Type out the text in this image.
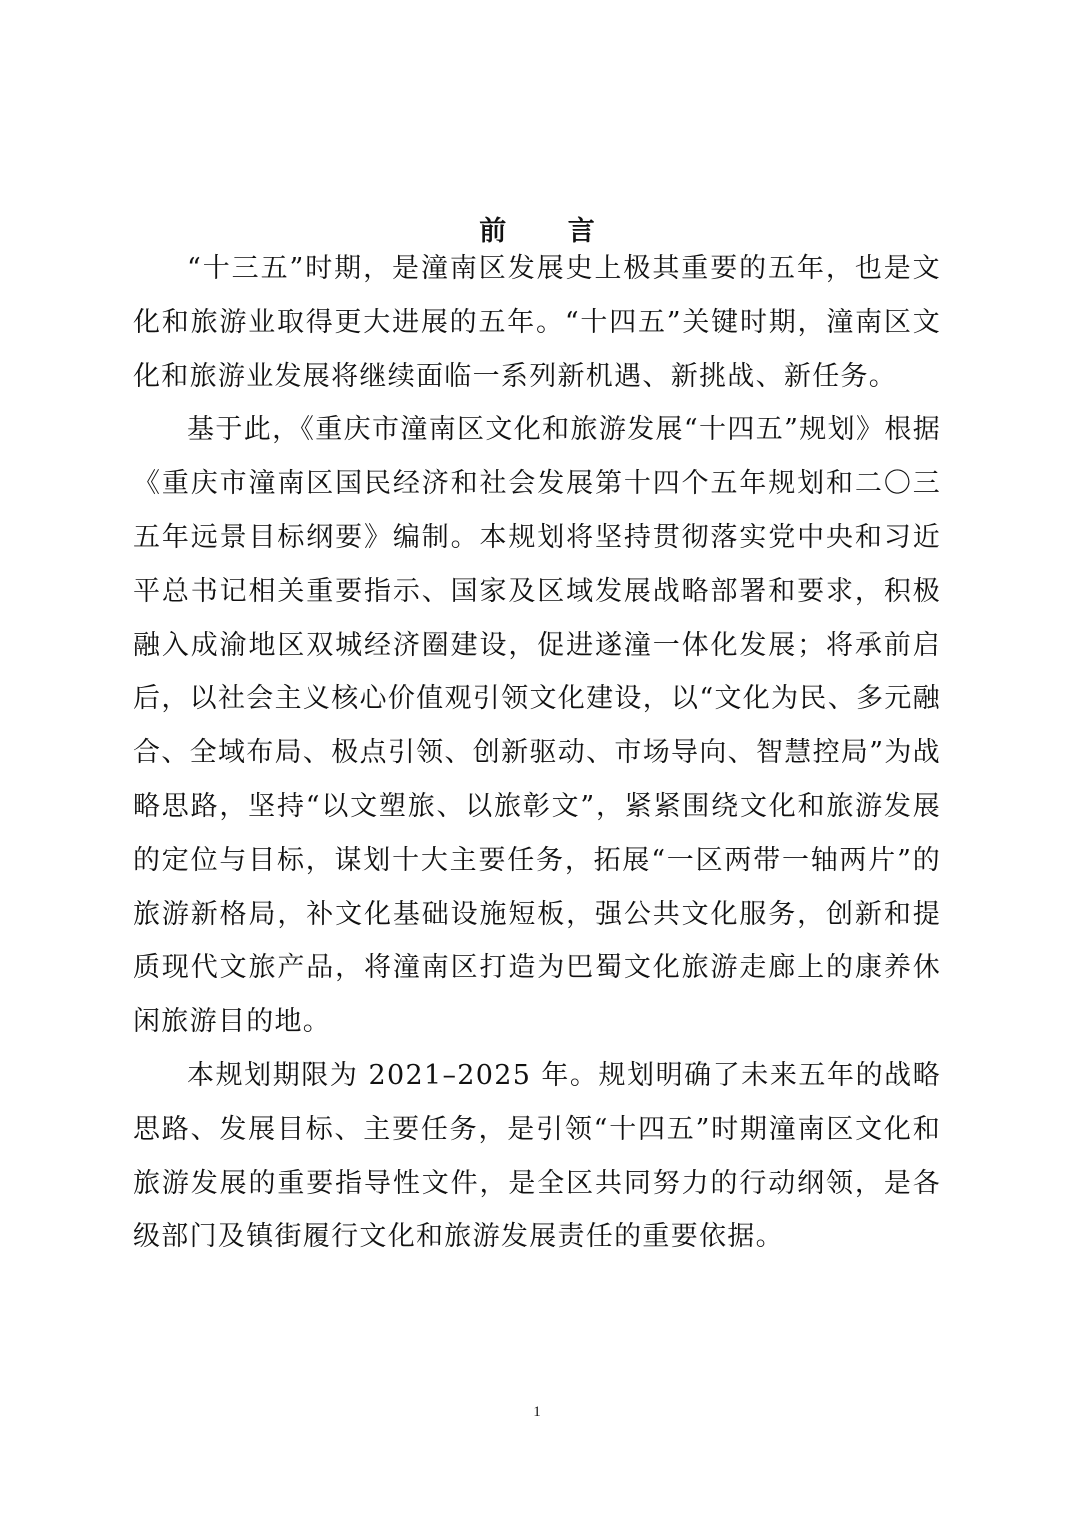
前 言

“十三五”时期，是潼南区发展史上极其重要的五年，也是文化和旅游业取得更大进展的五年。“十四五”关键时期，潼南区文化和旅游业发展将继续面临一系列新机遇、新挑战、新任务。

基于此，《重庆市潼南区文化和旅游发展“十四五”规划》根据《重庆市潼南区国民经济和社会发展第十四个五年规划和二〇三五年远景目标纲要》编制。本规划将坚持贯彻落实党中央和习近平总书记相关重要指示、国家及区域发展战略部署和要求，积极融入成渝地区双城经济圈建设，促进遂潼一体化发展；将承前启后，以社会主义核心价值观引领文化建设，以“文化为民、多元融合、全域布局、极点引领、创新驱动、市场导向、智慧控局”为战略思路，坚持“以文塑旅、以旅彰文”，紧紧围绕文化和旅游发展的定位与目标，谋划十大主要任务，拓展“一区两带一轴两片”的旅游新格局，补文化基础设施短板，强公共文化服务，创新和提质现代文旅产品，将潼南区打造为巴蜀文化旅游走廊上的康养休闲旅游目的地。

本规划期限为 2021–2025 年。规划明确了未来五年的战略思路、发展目标、主要任务，是引领“十四五”时期潼南区文化和旅游发展的重要指导性文件，是全区共同努力的行动纲领，是各级部门及镇街履行文化和旅游发展责任的重要依据。

1
